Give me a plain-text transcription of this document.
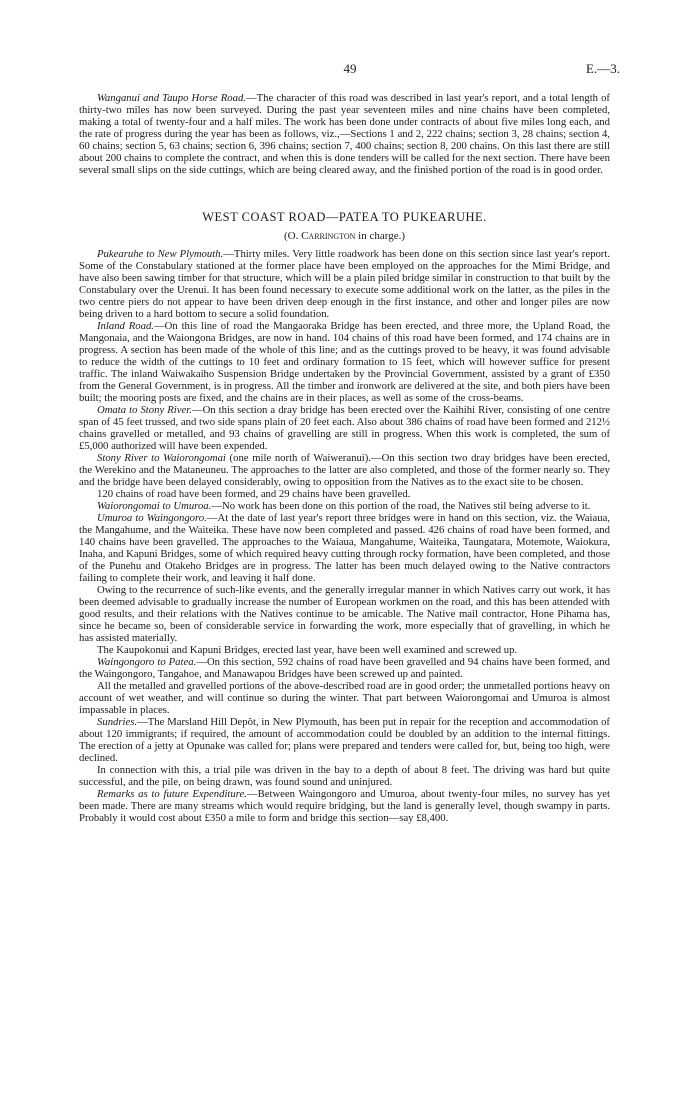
49	E.—3.

Wanganui and Taupo Horse Road.—The character of this road was described in last year's report, and a total length of thirty-two miles has now been surveyed. During the past year seventeen miles and nine chains have been completed, making a total of twenty-four and a half miles. The work has been done under contracts of about five miles long each, and the rate of progress during the year has been as follows, viz.,—Sections 1 and 2, 222 chains; section 3, 28 chains; section 4, 60 chains; section 5, 63 chains; section 6, 396 chains; section 7, 400 chains; section 8, 200 chains. On this last there are still about 200 chains to complete the contract, and when this is done tenders will be called for the next section. There have been several small slips on the side cuttings, which are being cleared away, and the finished portion of the road is in good order.

WEST COAST ROAD—PATEA TO PUKEARUHE.
(O. Carrington in charge.)

Pukearuhe to New Plymouth.—Thirty miles. Very little roadwork has been done on this section since last year's report. Some of the Constabulary stationed at the former place have been employed on the approaches for the Mimi Bridge, and have also been sawing timber for that structure, which will be a plain piled bridge similar in construction to that built by the Constabulary over the Urenui. It has been found necessary to execute some additional work on the latter, as the piles in the two centre piers do not appear to have been driven deep enough in the first instance, and other and longer piles are now being driven to a hard bottom to secure a solid foundation.

Inland Road.—On this line of road the Mangaoraka Bridge has been erected, and three more, the Upland Road, the Mangonaia, and the Waiongona Bridges, are now in hand. 104 chains of this road have been formed, and 174 chains are in progress. A section has been made of the whole of this line; and as the cuttings proved to be heavy, it was found advisable to reduce the width of the cuttings to 10 feet and ordinary formation to 15 feet, which will however suffice for present traffic. The inland Waiwakaiho Suspension Bridge undertaken by the Provincial Government, assisted by a grant of £350 from the General Government, is in progress. All the timber and ironwork are delivered at the site, and both piers have been built; the mooring posts are fixed, and the chains are in their places, as well as some of the cross-beams.

Omata to Stony River.—On this section a dray bridge has been erected over the Kaihihi River, consisting of one centre span of 45 feet trussed, and two side spans plain of 20 feet each. Also about 386 chains of road have been formed and 212½ chains gravelled or metalled, and 93 chains of gravelling are still in progress. When this work is completed, the sum of £5,000 authorized will have been expended.

Stony River to Waiorongomai (one mile north of Waiweranui).—On this section two dray bridges have been erected, the Werekino and the Mataneuneu. The approaches to the latter are also completed, and those of the former nearly so. They and the bridge have been delayed considerably, owing to opposition from the Natives as to the exact site to be chosen.

120 chains of road have been formed, and 29 chains have been gravelled.

Waiorongomai to Umuroa.—No work has been done on this portion of the road, the Natives stil being adverse to it.

Umuroa to Waingongoro.—At the date of last year's report three bridges were in hand on this section, viz. the Waiaua, the Mangahume, and the Waiteika. These have now been completed and passed. 426 chains of road have been formed, and 140 chains have been gravelled. The approaches to the Waiaua, Mangahume, Waiteika, Taungatara, Motemote, Waiokura, Inaha, and Kapuni Bridges, some of which required heavy cutting through rocky formation, have been completed, and those of the Punehu and Otakeho Bridges are in progress. The latter has been much delayed owing to the Native contractors failing to complete their work, and leaving it half done.

Owing to the recurrence of such-like events, and the generally irregular manner in which Natives carry out work, it has been deemed advisable to gradually increase the number of European workmen on the road, and this has been attended with good results, and their relations with the Natives continue to be amicable. The Native mail contractor, Hone Pihama has, since he became so, been of considerable service in forwarding the work, more especially that of gravelling, in which he has assisted materially.

The Kaupokonui and Kapuni Bridges, erected last year, have been well examined and screwed up.

Waingongoro to Patea.—On this section, 592 chains of road have been gravelled and 94 chains have been formed, and the Waingongoro, Tangahoe, and Manawapou Bridges have been screwed up and painted.

All the metalled and gravelled portions of the above-described road are in good order; the unmetalled portions heavy on account of wet weather, and will continue so during the winter. That part between Waiorongomai and Umuroa is almost impassable in places.

Sundries.—The Marsland Hill Depôt, in New Plymouth, has been put in repair for the reception and accommodation of about 120 immigrants; if required, the amount of accommodation could be doubled by an addition to the internal fittings. The erection of a jetty at Opunake was called for; plans were prepared and tenders were called for, but, being too high, were declined.

In connection with this, a trial pile was driven in the bay to a depth of about 8 feet. The driving was hard but quite successful, and the pile, on being drawn, was found sound and uninjured.

Remarks as to future Expenditure.—Between Waingongoro and Umuroa, about twenty-four miles, no survey has yet been made. There are many streams which would require bridging, but the land is generally level, though swampy in parts. Probably it would cost about £350 a mile to form and bridge this section—say £8,400.
